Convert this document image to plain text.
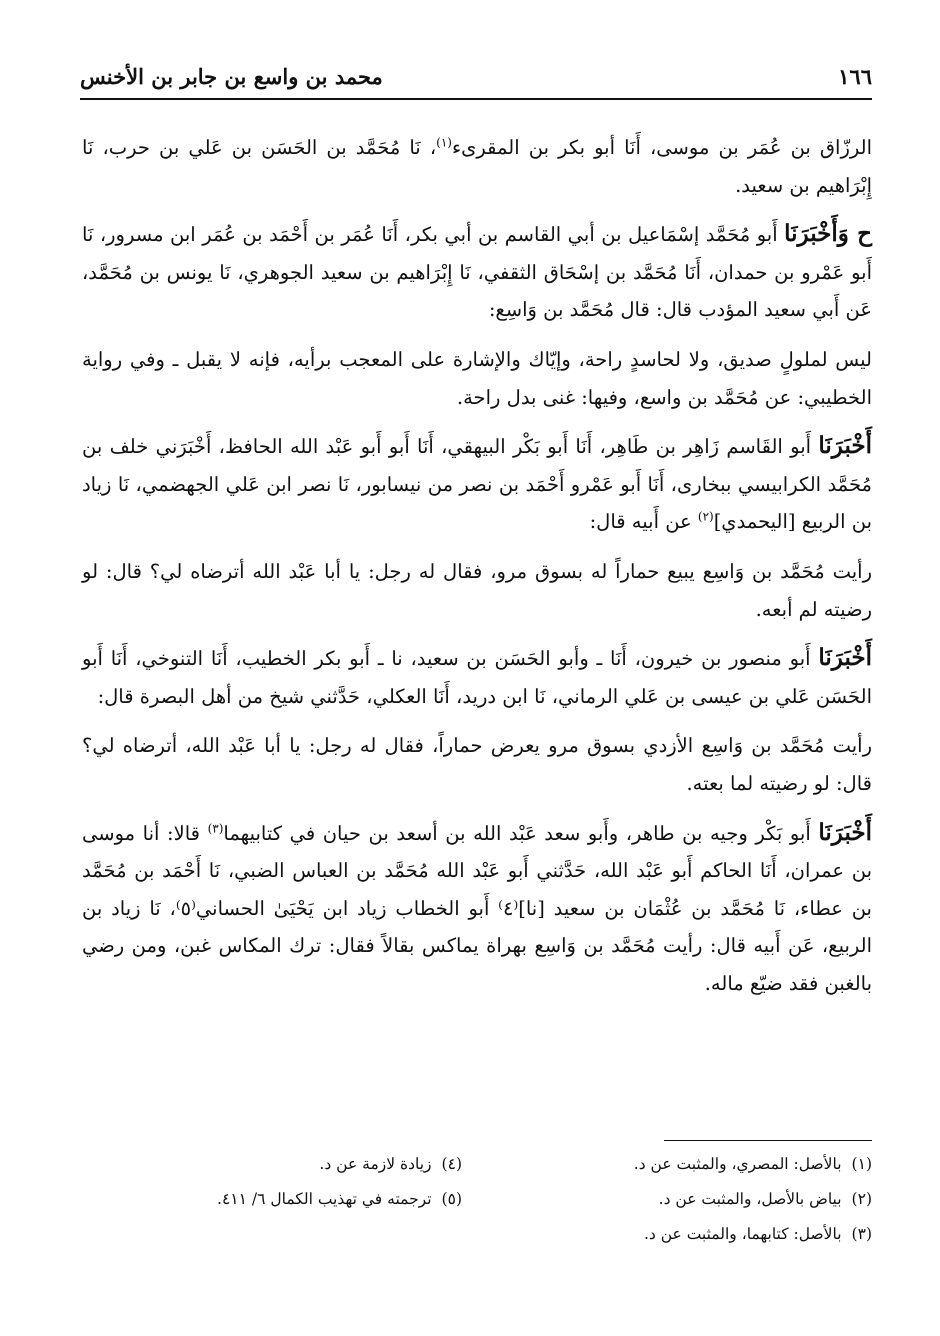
١٦٦
محمد بن واسع بن جابر بن الأخنس

الرزّاق بن عُمَر بن موسى، أَنَا أبو بكر بن المقرىء$^{(١)}$، نَا مُحَمَّد بن الحَسَن بن عَلي بن حرب، نَا إِبْرَاهيم بن سعيد.

ح وَأَخْبَرَنَا أَبو مُحَمَّد إسْمَاعيل بن أبي القاسم بن أبي بكر، أَنَا عُمَر بن أَحْمَد بن عُمَر ابن مسرور، نَا أَبو عَمْرو بن حمدان، أَنَا مُحَمَّد بن إسْحَاق الثقفي، نَا إِبْرَاهيم بن سعيد الجوهري، نَا يونس بن مُحَمَّد، عَن أَبي سعيد المؤدب قال: قال مُحَمَّد بن وَاسِع:

ليس لملولٍ صديق، ولا لحاسدٍ راحة، وإيّاك والإشارة على المعجب برأيه، فإنه لا يقبل ـ وفي رواية الخطيبي: عن مُحَمَّد بن واسع، وفيها: غنى بدل راحة.

أَخْبَرَنَا أَبو القَاسم زَاهِر بن طَاهِر، أَنَا أَبو بَكْر البيهقي، أَنَا أَبو أَبو عَبْد الله الحافظ، أَخْبَرَني خلف بن مُحَمَّد الكرابيسي ببخارى، أَنَا أَبو عَمْرو أَحْمَد بن نصر من نيسابور، نَا نصر ابن عَلي الجهضمي، نَا زياد بن الربيع [اليحمدي]$^{(٢)}$ عن أَبيه قال:

رأيت مُحَمَّد بن وَاسِع يبيع حماراً له بسوق مرو، فقال له رجل: يا أبا عَبْد الله أترضاه لي؟ قال: لو رضيته لم أبعه.

أَخْبَرَنَا أَبو منصور بن خيرون، أَنَا ـ وأبو الحَسَن بن سعيد، نا ـ أَبو بكر الخطيب، أَنَا التنوخي، أَنَا أَبو الحَسَن عَلي بن عيسى بن عَلي الرماني، نَا ابن دريد، أَنَا العكلي، حَدَّثني شيخ من أهل البصرة قال:

رأيت مُحَمَّد بن وَاسِع الأزدي بسوق مرو يعرض حماراً، فقال له رجل: يا أبا عَبْد الله، أترضاه لي؟ قال: لو رضيته لما بعته.

أَخْبَرَنَا أَبو بَكْر وجيه بن طاهر، وأَبو سعد عَبْد الله بن أسعد بن حيان في كتابيهما$^{(٣)}$ قالا: أنا موسى بن عمران، أَنَا الحاكم أَبو عَبْد الله، حَدَّثني أَبو عَبْد الله مُحَمَّد بن العباس الضبي، نَا أَحْمَد بن مُحَمَّد بن عطاء، نَا مُحَمَّد بن عُثْمَان بن سعيد [نا]⁽٤⁾ أَبو الخطاب زياد ابن يَحْيَىٰ الحساني⁽٥⁾، نَا زياد بن الربيع، عَن أَبيه قال: رأيت مُحَمَّد بن وَاسِع بهراة يماكس بقالاً فقال: ترك المكاس غبن، ومن رضي بالغبن فقد ضيّع ماله.

(١)بالأصل: المصري، والمثبت عن د.
(٢)بياض بالأصل، والمثبت عن د.
(٣)بالأصل: كتابهما، والمثبت عن د.
(٤)زيادة لازمة عن د.
(٥)ترجمته في تهذيب الكمال ٦/ ٤١١.
